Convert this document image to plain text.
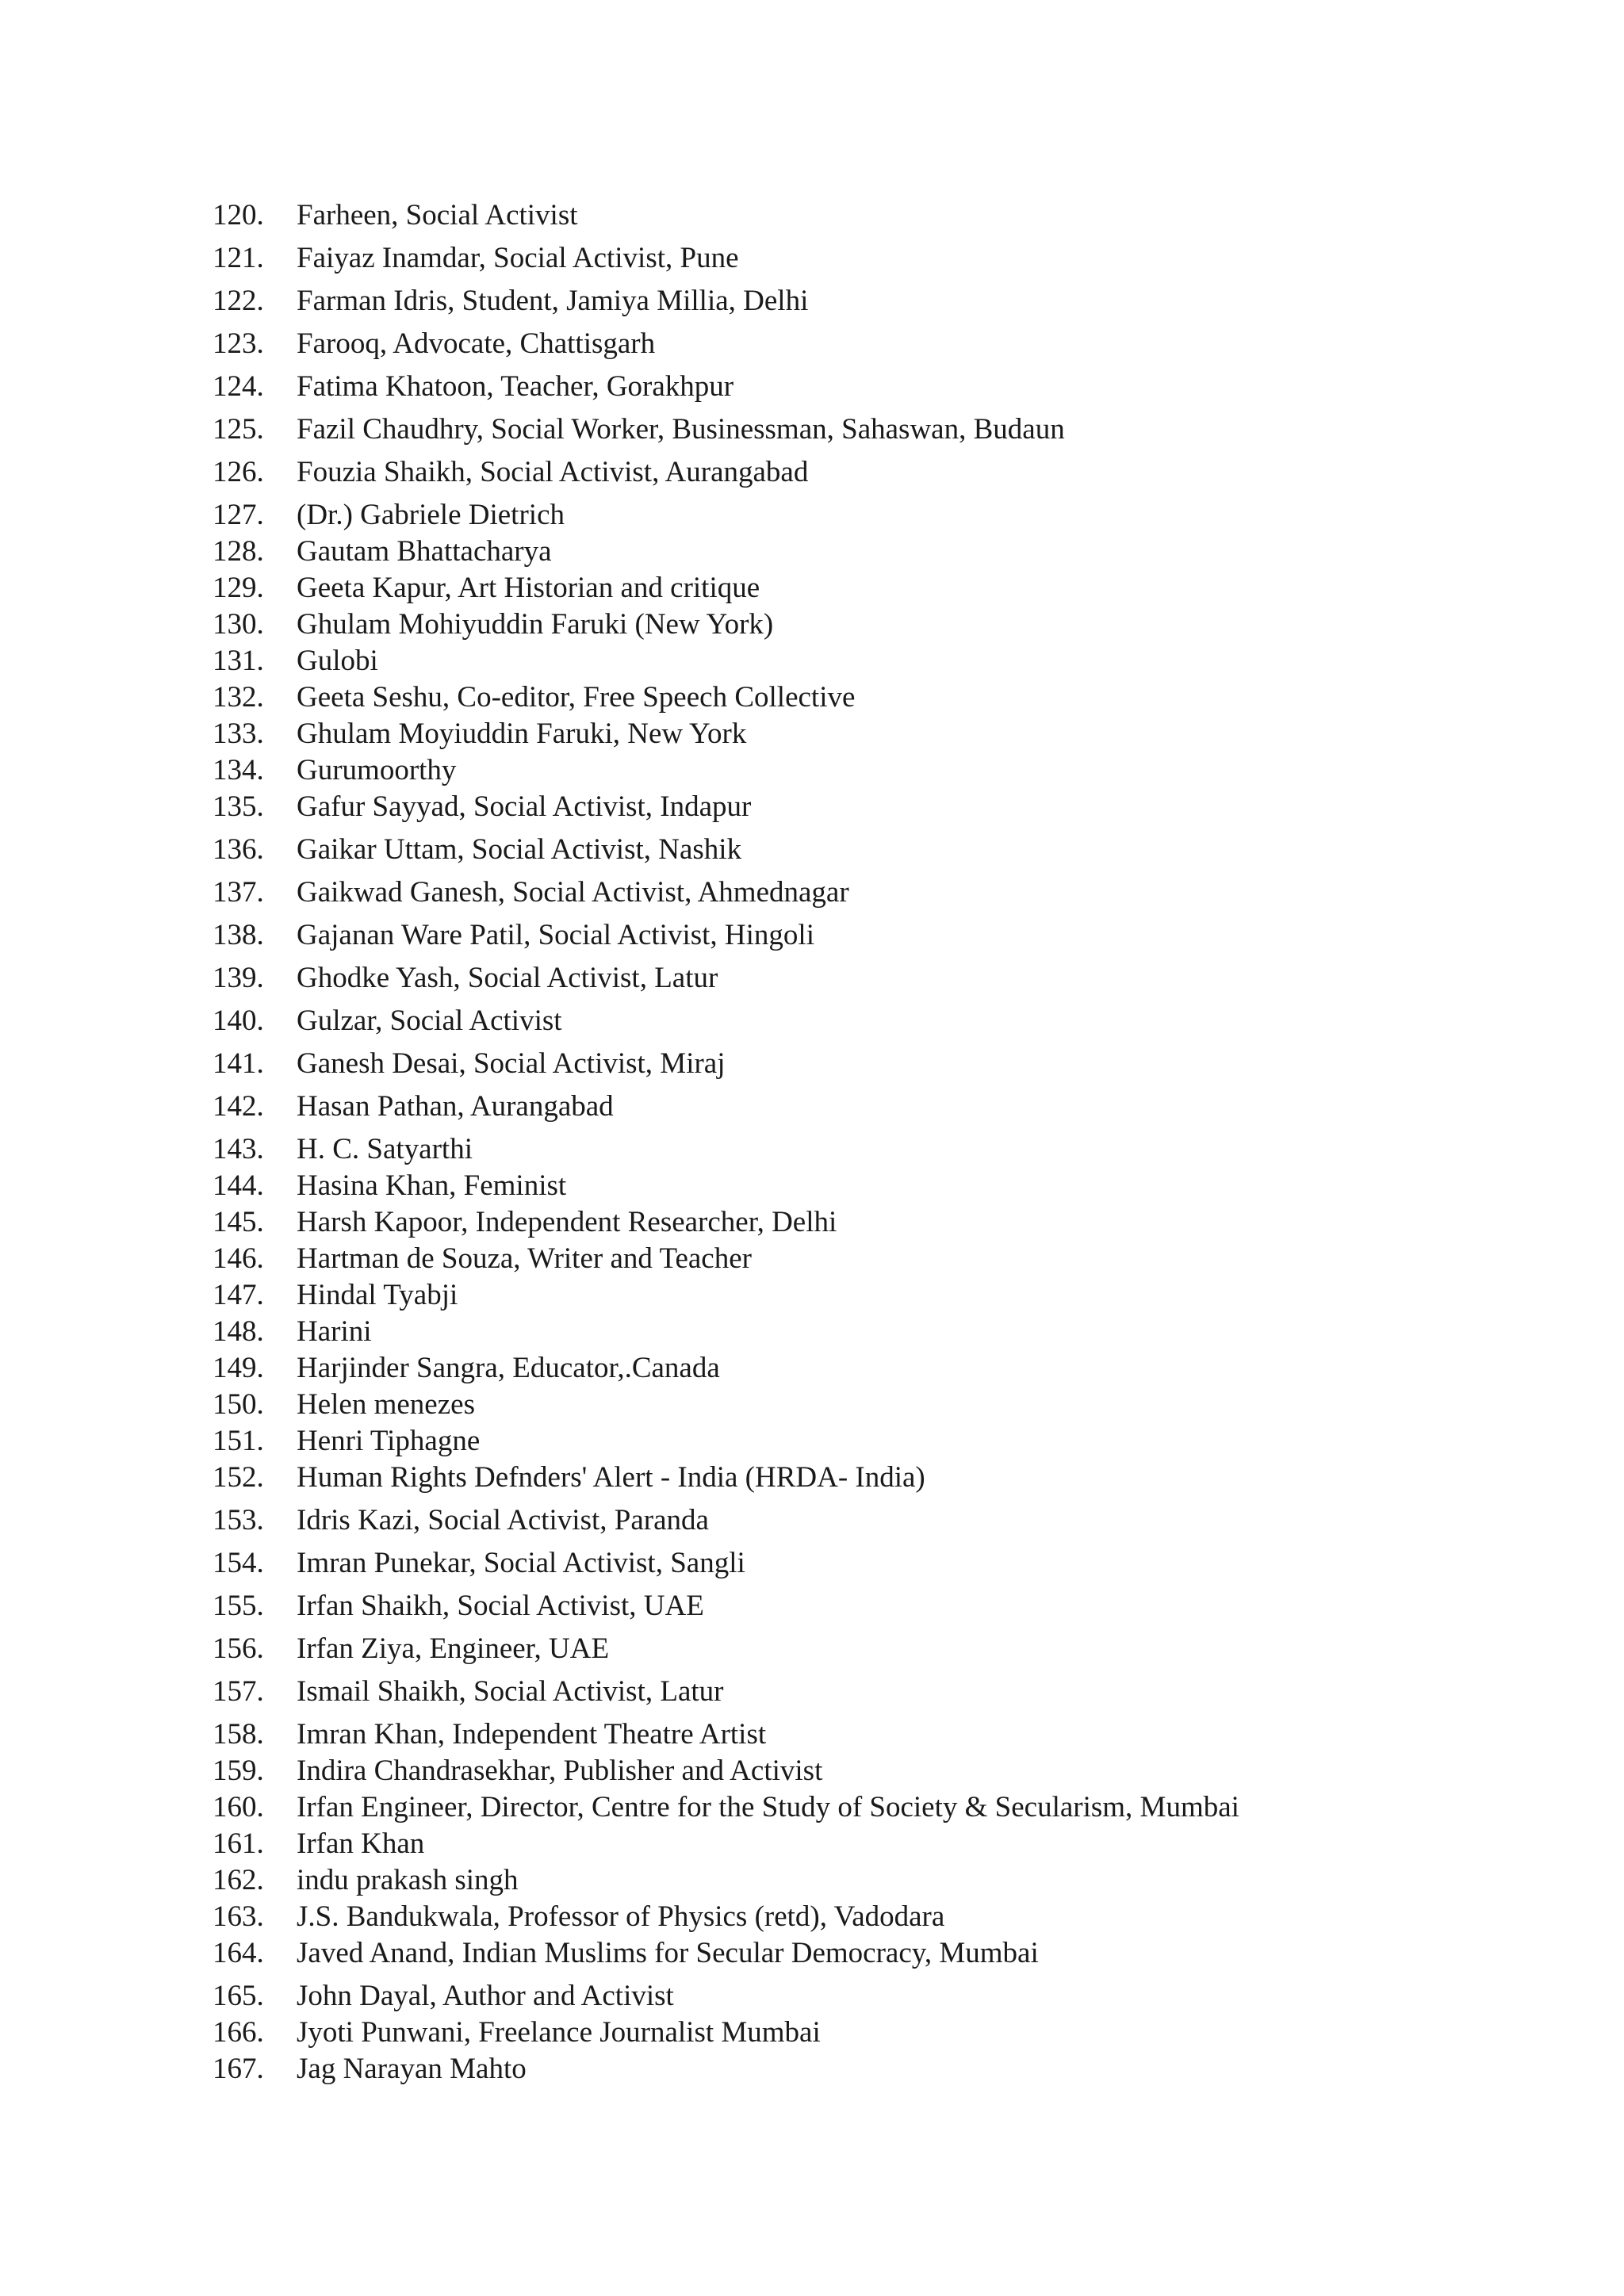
120.	Farheen, Social Activist
121.	Faiyaz Inamdar, Social Activist, Pune
122.	Farman Idris, Student, Jamiya Millia, Delhi
123.	Farooq, Advocate, Chattisgarh
124.	Fatima Khatoon, Teacher, Gorakhpur
125.	Fazil Chaudhry, Social Worker, Businessman, Sahaswan, Budaun
126.	Fouzia Shaikh, Social Activist, Aurangabad
127.	(Dr.) Gabriele Dietrich
128.	Gautam Bhattacharya
129.	Geeta Kapur, Art Historian and critique
130.	Ghulam Mohiyuddin Faruki (New York)
131.	Gulobi
132.	Geeta Seshu, Co-editor, Free Speech Collective
133.	Ghulam Moyiuddin Faruki, New York
134.	Gurumoorthy
135.	Gafur Sayyad, Social Activist, Indapur
136.	Gaikar Uttam, Social Activist, Nashik
137.	Gaikwad Ganesh, Social Activist, Ahmednagar
138.	Gajanan Ware Patil, Social Activist, Hingoli
139.	Ghodke Yash, Social Activist, Latur
140.	Gulzar, Social Activist
141.	Ganesh Desai, Social Activist, Miraj
142.	Hasan Pathan, Aurangabad
143.	H. C. Satyarthi
144.	Hasina Khan, Feminist
145.	Harsh Kapoor, Independent Researcher, Delhi
146.	Hartman de Souza, Writer and Teacher
147.	Hindal Tyabji
148.	Harini
149.	Harjinder Sangra, Educator,.Canada
150.	Helen menezes
151.	Henri Tiphagne
152.	Human Rights Defnders' Alert - India (HRDA- India)
153.	Idris Kazi, Social Activist, Paranda
154.	Imran Punekar, Social Activist, Sangli
155.	Irfan Shaikh, Social Activist, UAE
156.	Irfan Ziya, Engineer, UAE
157.	Ismail Shaikh, Social Activist, Latur
158.	Imran Khan, Independent Theatre Artist
159.	Indira Chandrasekhar, Publisher and Activist
160.	Irfan Engineer, Director, Centre for the Study of Society & Secularism, Mumbai
161.	Irfan Khan
162.	indu prakash singh
163.	J.S. Bandukwala, Professor of Physics (retd), Vadodara
164.	Javed Anand, Indian Muslims for Secular Democracy, Mumbai
165.	John Dayal, Author and Activist
166.	Jyoti Punwani, Freelance Journalist Mumbai
167.	Jag Narayan Mahto
